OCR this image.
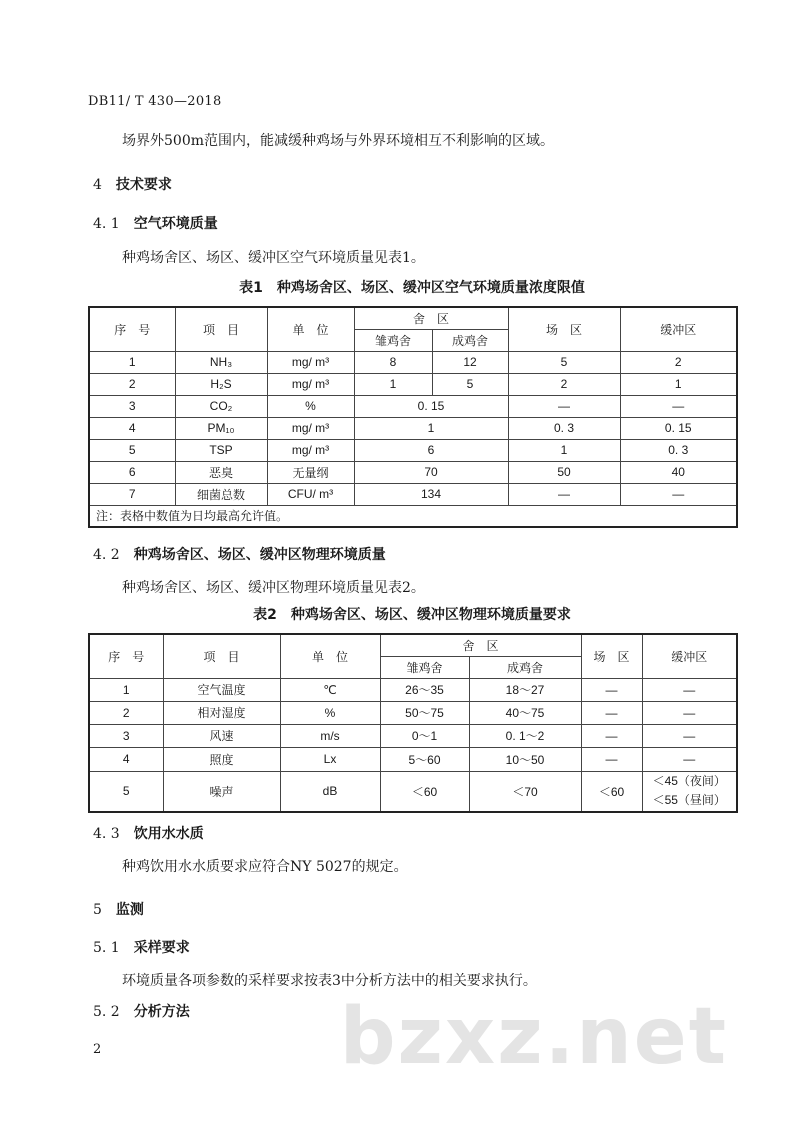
DB11/ T 430—2018
场界外500m范围内，能减缓种鸡场与外界环境相互不利影响的区域。
4 技术要求
4. 1 空气环境质量
种鸡场舍区、场区、缓冲区空气环境质量见表1。
表1　种鸡场舍区、场区、缓冲区空气环境质量浓度限值
序　号	项　目	单　位	舍　区		场　区	缓冲区
			雏鸡舍	成鸡舍		
1	NH₃	mg/ m³	8	12	5	2
2	H₂S	mg/ m³	1	5	2	1
3	CO₂	%	0. 15		—	—
4	PM₁₀	mg/ m³	1		0. 3	0. 15
5	TSP	mg/ m³	6		1	0. 3
6	恶臭	无量纲	70		50	40
7	细菌总数	CFU/ m³	134		—	—
注：表格中数值为日均最高允许值。						
4. 2 种鸡场舍区、场区、缓冲区物理环境质量
种鸡场舍区、场区、缓冲区物理环境质量见表2。
表2　种鸡场舍区、场区、缓冲区物理环境质量要求
序　号	项　目	单　位	舍　区		场　区	缓冲区
			雏鸡舍	成鸡舍		
1	空气温度	℃	26～35	18～27	—	—
2	相对湿度	%	50～75	40～75	—	—
3	风速	m/s	0～1	0. 1～2	—	—
4	照度	Lx	5～60	10～50	—	—
5	噪声	dB	＜60	＜70	＜60	＜45（夜间）
＜55（昼间）
4. 3 饮用水水质
种鸡饮用水水质要求应符合NY 5027的规定。
5 监测
5. 1 采样要求
环境质量各项参数的采样要求按表3中分析方法中的相关要求执行。
5. 2 分析方法 bzxz.net
2
